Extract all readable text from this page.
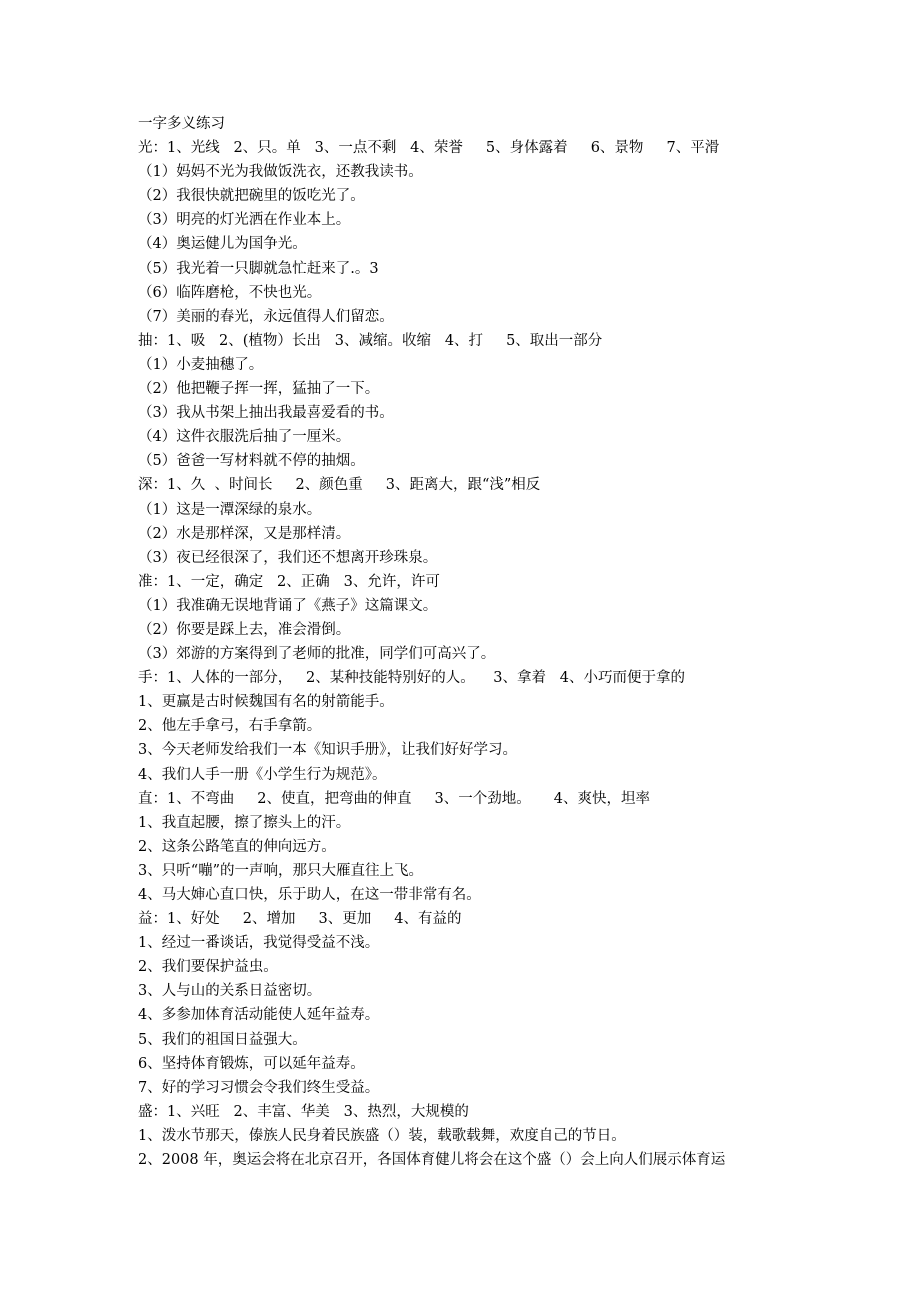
一字多义练习
光：1、光线   2、只。单   3、一点不剩   4、荣誉     5、身体露着     6、景物     7、平滑
（1）妈妈不光为我做饭洗衣，还教我读书。
（2）我很快就把碗里的饭吃光了。
（3）明亮的灯光洒在作业本上。
（4）奥运健儿为国争光。
（5）我光着一只脚就急忙赶来了.。3
（6）临阵磨枪，不快也光。
（7）美丽的春光，永远值得人们留恋。
抽：1、吸   2、(植物）长出   3、减缩。收缩   4、打     5、取出一部分
（1）小麦抽穗了。
（2）他把鞭子挥一挥，猛抽了一下。
（3）我从书架上抽出我最喜爱看的书。
（4）这件衣服洗后抽了一厘米。
（5）爸爸一写材料就不停的抽烟。
深：1、久  、时间长     2、颜色重     3、距离大，跟“浅”相反
（1）这是一潭深绿的泉水。
（2）水是那样深，又是那样清。
（3）夜已经很深了，我们还不想离开珍珠泉。
准：1、一定，确定   2、正确   3、允许，许可
（1）我准确无误地背诵了《燕子》这篇课文。
（2）你要是踩上去，准会滑倒。
（3）郊游的方案得到了老师的批准，同学们可高兴了。
手：1、人体的一部分，   2、某种技能特别好的人。    3、拿着   4、小巧而便于拿的
1、更赢是古时候魏国有名的射箭能手。
2、他左手拿弓，右手拿箭。
3、今天老师发给我们一本《知识手册》，让我们好好学习。
4、我们人手一册《小学生行为规范》。
直：1、不弯曲     2、使直，把弯曲的伸直     3、一个劲地。     4、爽快，坦率
1、我直起腰，擦了擦头上的汗。
2、这条公路笔直的伸向远方。
3、只听“嘣”的一声响，那只大雁直往上飞。
4、马大婶心直口快，乐于助人，在这一带非常有名。
益：1、好处     2、增加     3、更加     4、有益的
1、经过一番谈话，我觉得受益不浅。
2、我们要保护益虫。
3、人与山的关系日益密切。
4、多参加体育活动能使人延年益寿。
5、我们的祖国日益强大。
6、坚持体育锻炼，可以延年益寿。
7、好的学习习惯会令我们终生受益。
盛：1、兴旺   2、丰富、华美   3、热烈，大规模的
1、泼水节那天，傣族人民身着民族盛（）装，载歌载舞，欢度自己的节日。
2、2008 年，奥运会将在北京召开，各国体育健儿将会在这个盛（）会上向人们展示体育运
